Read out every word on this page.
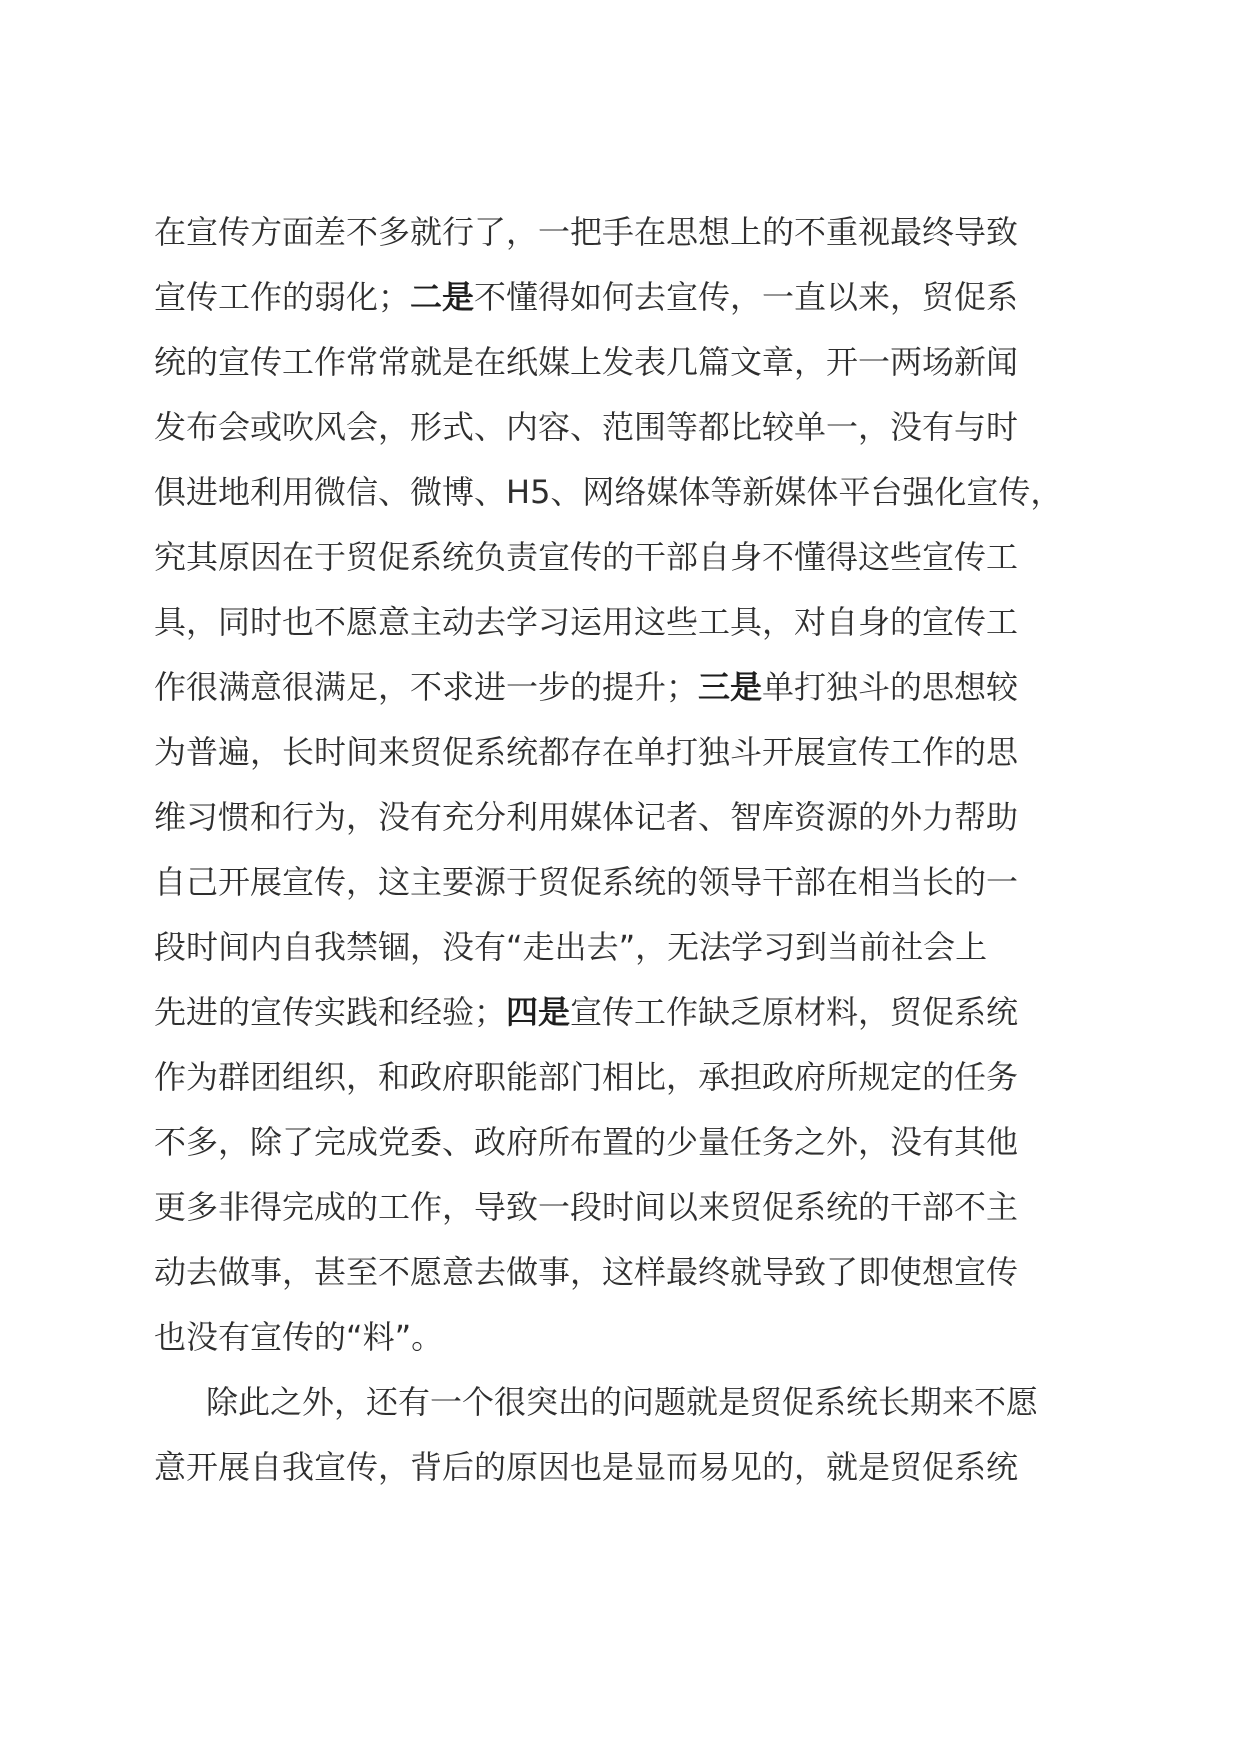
在宣传方面差不多就行了，一把手在思想上的不重视最终导致
宣传工作的弱化；二是不懂得如何去宣传，一直以来，贸促系
统的宣传工作常常就是在纸媒上发表几篇文章，开一两场新闻
发布会或吹风会，形式、内容、范围等都比较单一，没有与时
俱进地利用微信、微博、H5、网络媒体等新媒体平台强化宣传，
究其原因在于贸促系统负责宣传的干部自身不懂得这些宣传工
具，同时也不愿意主动去学习运用这些工具，对自身的宣传工
作很满意很满足，不求进一步的提升；三是单打独斗的思想较
为普遍，长时间来贸促系统都存在单打独斗开展宣传工作的思
维习惯和行为，没有充分利用媒体记者、智库资源的外力帮助
自己开展宣传，这主要源于贸促系统的领导干部在相当长的一
段时间内自我禁锢，没有“走出去”，无法学习到当前社会上
先进的宣传实践和经验；四是宣传工作缺乏原材料，贸促系统
作为群团组织，和政府职能部门相比，承担政府所规定的任务
不多，除了完成党委、政府所布置的少量任务之外，没有其他
更多非得完成的工作，导致一段时间以来贸促系统的干部不主
动去做事，甚至不愿意去做事，这样最终就导致了即使想宣传
也没有宣传的“料”。
除此之外，还有一个很突出的问题就是贸促系统长期来不愿
意开展自我宣传，背后的原因也是显而易见的，就是贸促系统
